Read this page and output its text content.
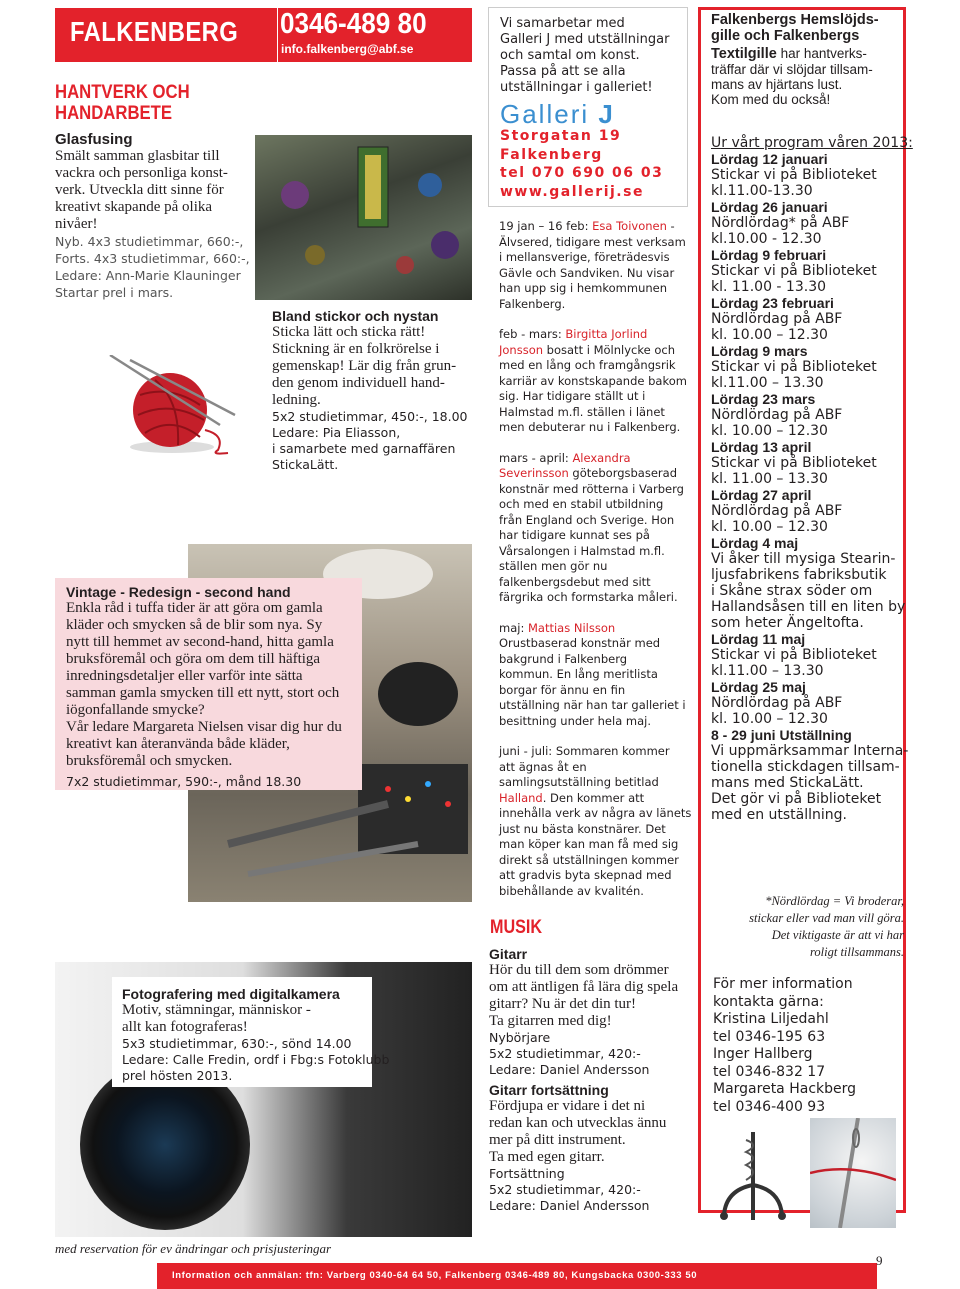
FALKENBERG 0346-489 80
info.falkenberg@abf.se
HANTVERK OCH
HANDARBETE
Glasfusing
Smält samman glasbitar till
vackra och personliga konst-
verk. Utveckla ditt sinne för
kreativt skapande på olika
nivåer!
Nyb. 4x3 studietimmar, 660:-,
Forts. 4x3 studietimmar, 660:-,
Ledare: Ann-Marie Klauninger
Startar prel i mars.
Bland stickor och nystan
Sticka lätt och sticka rätt!
Stickning är en folkrörelse i
gemenskap! Lär dig från grun-
den genom individuell hand-
ledning.
5x2 studietimmar, 450:-, 18.00
Ledare: Pia Eliasson,
i samarbete med garnaffären
StickaLätt.
Vintage - Redesign - second hand
Enkla råd i tuffa tider är att göra om gamla
kläder och smycken så de blir som nya. Sy
nytt till hemmet av second-hand, hitta gamla
bruksföremål och göra om dem till häftiga
inredningsdetaljer eller varför inte sätta
samman gamla smycken till ett nytt, stort och
iögonfallande smycke?
Vår ledare Margareta Nielsen visar dig hur du
kreativt kan återanvända både kläder,
bruksföremål och smycken.
7x2 studietimmar, 590:-, månd 18.30
Fotografering med digitalkamera
Motiv, stämningar, människor -
allt kan fotograferas!
5x3 studietimmar, 630:-, sönd 14.00
Ledare: Calle Fredin, ordf i Fbg:s Fotoklubb
prel hösten 2013.
med reservation för ev ändringar och prisjusteringar
Vi samarbetar med
Galleri J med utställningar
och samtal om konst.
Passa på att se alla
utställningar i galleriet!
Galleri J
Storgatan 19
Falkenberg
tel 070 690 06 03
www.gallerij.se
19 jan – 16 feb: Esa Toivonen -
Älvsered, tidigare mest verksam
i mellansverige, företrädesvis
Gävle och Sandviken. Nu visar
han upp sig i hemkommunen
Falkenberg.
feb - mars: Birgitta Jorlind
Jonsson bosatt i Mölnlycke och
med en lång och framgångsrik
karriär av konstskapande bakom
sig. Har tidigare ställt ut i
Halmstad m.fl. ställen i länet
men debuterar nu i Falkenberg.
mars - april: Alexandra
Severinsson göteborgsbaserad
konstnär med rötterna i Varberg
och med en stabil utbildning
från England och Sverige. Hon
har tidigare kunnat ses på
Vårsalongen i Halmstad m.fl.
ställen men gör nu
falkenbergsdebut med sitt
färgrika och formstarka måleri.
maj: Mattias Nilsson
Orustbaserad konstnär med
bakgrund i Falkenberg
kommun. En lång meritlista
borgar för ännu en fin
utställning när han tar galleriet i
besittning under hela maj.
juni - juli: Sommaren kommer
att ägnas åt en
samlingsutställning betitlad
Halland. Den kommer att
innehålla verk av några av länets
just nu bästa konstnärer. Det
man köper kan man få med sig
direkt så utställningen kommer
att gradvis byta skepnad med
bibehållande av kvalitén.
MUSIK
Gitarr
Hör du till dem som drömmer
om att äntligen få lära dig spela
gitarr? Nu är det din tur!
Ta gitarren med dig!
Nybörjare
5x2 studietimmar, 420:-
Ledare: Daniel Andersson
Gitarr fortsättning
Fördjupa er vidare i det ni
redan kan och utvecklas ännu
mer på ditt instrument.
Ta med egen gitarr.
Fortsättning
5x2 studietimmar, 420:-
Ledare: Daniel Andersson
Falkenbergs Hemslöjds-
gille och Falkenbergs
Textilgille har hantverks-
träffar där vi slöjdar tillsam-
mans av hjärtans lust.
Kom med du också!
Ur vårt program våren 2013:
Lördag 12 januari
Stickar vi på Biblioteket
kl.11.00-13.30
Lördag 26 januari
Nördlördag* på ABF
kl.10.00 - 12.30
Lördag 9 februari
Stickar vi på Biblioteket
kl. 11.00 - 13.30
Lördag 23 februari
Nördlördag på ABF
kl. 10.00 – 12.30
Lördag 9 mars
Stickar vi på Biblioteket
kl.11.00 – 13.30
Lördag 23 mars
Nördlördag på ABF
kl. 10.00 – 12.30
Lördag 13 april
Stickar vi på Biblioteket
kl. 11.00 – 13.30
Lördag 27 april
Nördlördag på ABF
kl. 10.00 – 12.30
Lördag 4 maj
Vi åker till mysiga Stearin-
ljusfabrikens fabriksbutik
i Skåne strax söder om
Hallandsåsen till en liten by
som heter Ängeltofta.
Lördag 11 maj
Stickar vi på Biblioteket
kl.11.00 – 13.30
Lördag 25 maj
Nördlördag på ABF
kl. 10.00 – 12.30
8 - 29 juni Utställning
Vi uppmärksammar Internа-
tionella stickdagen tillsam-
mans med StickaLätt.
Det gör vi på Biblioteket
med en utställning.
*Nördlördag = Vi broderar,
stickar eller vad man vill göra.
Det viktigaste är att vi har
roligt tillsammans.
För mer information
kontakta gärna:
Kristina Liljedahl
tel 0346-195 63
Inger Hallberg
tel 0346-832 17
Margareta Hackberg
tel 0346-400 93
Information och anmälan: tfn: Varberg 0340-64 64 50, Falkenberg 0346-489 80, Kungsbacka 0300-333 50
9
